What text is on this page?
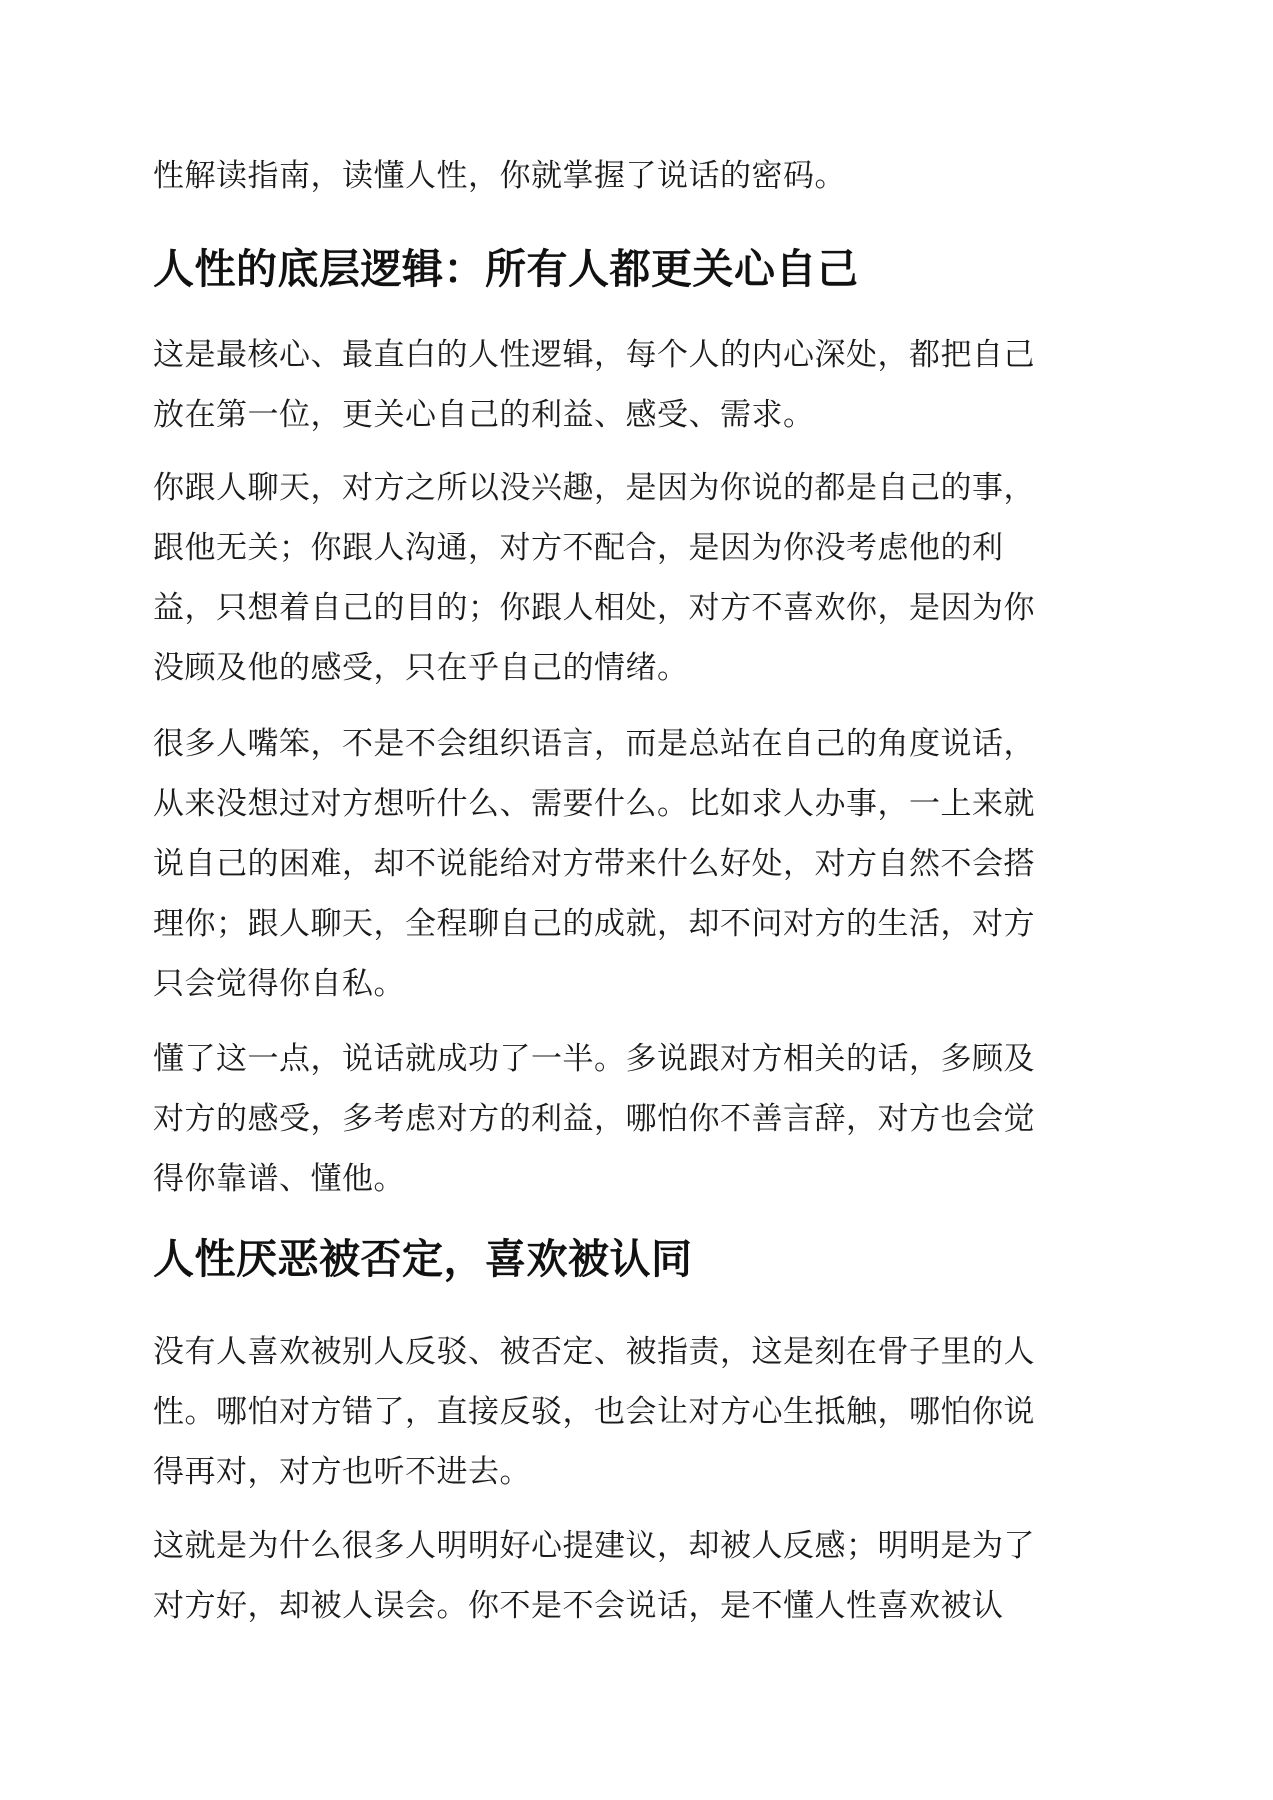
性解读指南，读懂人性，你就掌握了说话的密码。

人性的底层逻辑：所有人都更关心自己

这是最核心、最直白的人性逻辑，每个人的内心深处，都把自己
放在第一位，更关心自己的利益、感受、需求。

你跟人聊天，对方之所以没兴趣，是因为你说的都是自己的事，
跟他无关；你跟人沟通，对方不配合，是因为你没考虑他的利
益，只想着自己的目的；你跟人相处，对方不喜欢你，是因为你
没顾及他的感受，只在乎自己的情绪。

很多人嘴笨，不是不会组织语言，而是总站在自己的角度说话，
从来没想过对方想听什么、需要什么。比如求人办事，一上来就
说自己的困难，却不说能给对方带来什么好处，对方自然不会搭
理你；跟人聊天，全程聊自己的成就，却不问对方的生活，对方
只会觉得你自私。

懂了这一点，说话就成功了一半。多说跟对方相关的话，多顾及
对方的感受，多考虑对方的利益，哪怕你不善言辞，对方也会觉
得你靠谱、懂他。

人性厌恶被否定，喜欢被认同

没有人喜欢被别人反驳、被否定、被指责，这是刻在骨子里的人
性。哪怕对方错了，直接反驳，也会让对方心生抵触，哪怕你说
得再对，对方也听不进去。

这就是为什么很多人明明好心提建议，却被人反感；明明是为了
对方好，却被人误会。你不是不会说话，是不懂人性喜欢被认
